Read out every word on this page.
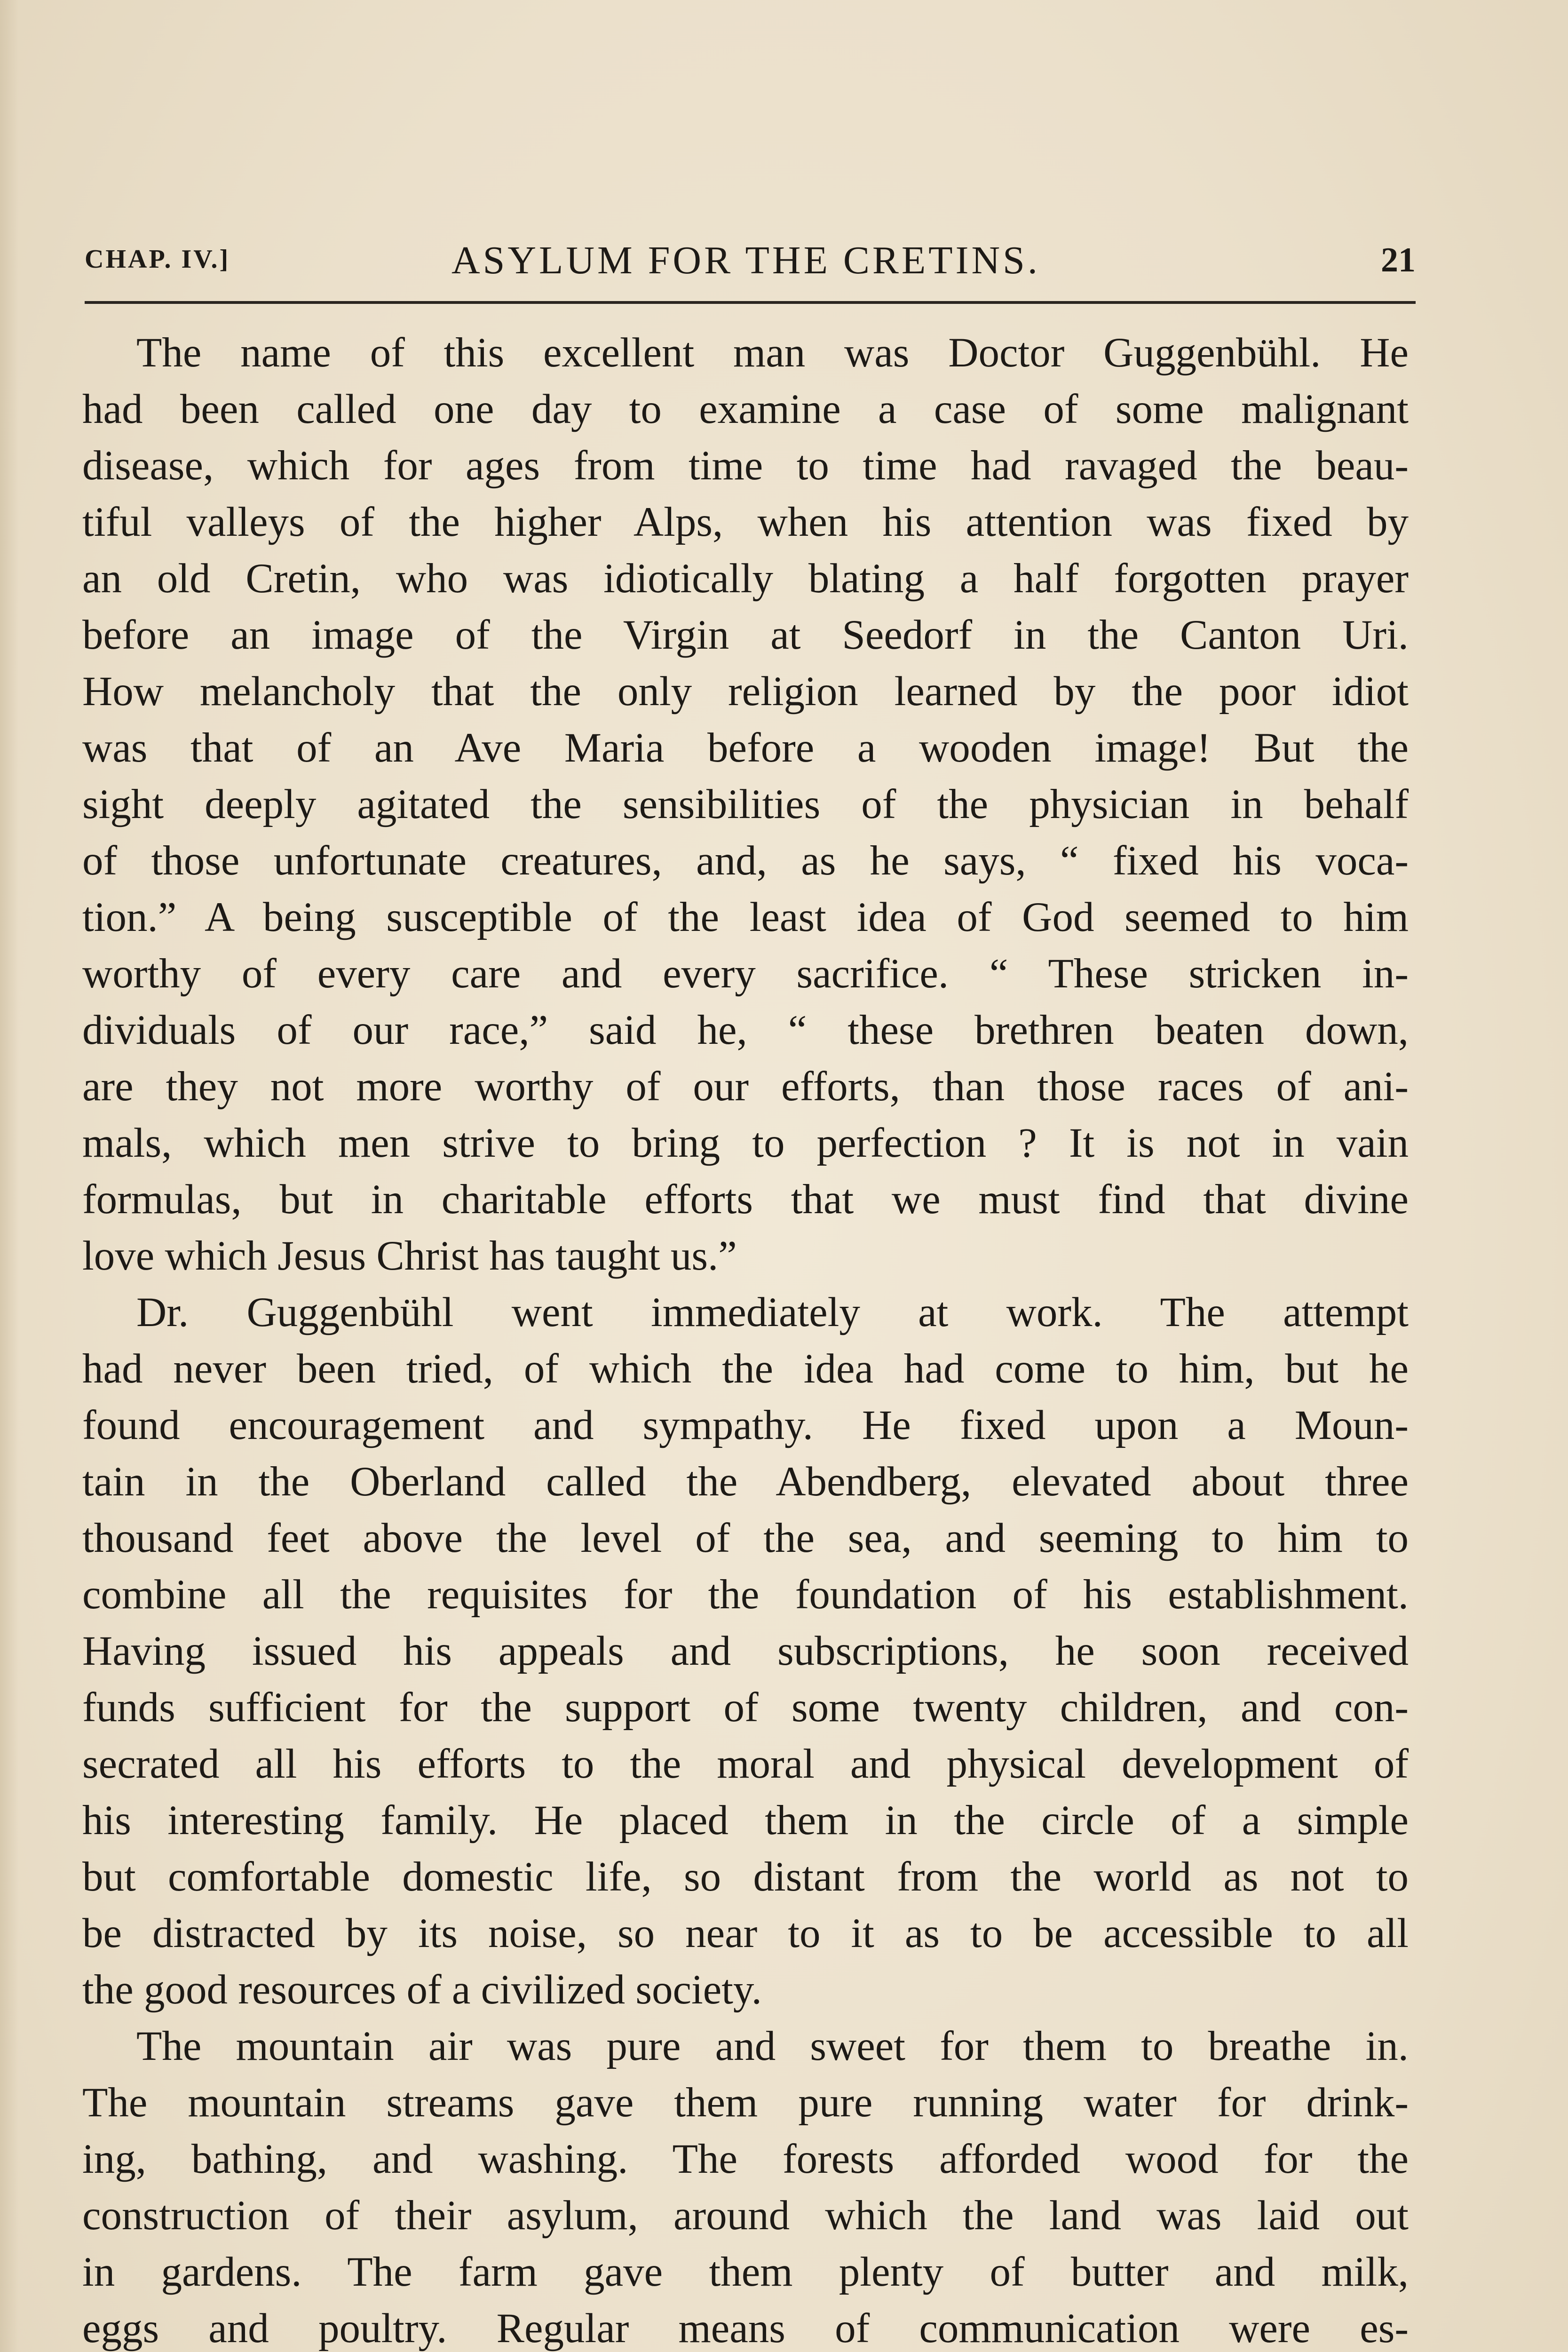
CHAP. IV.]	ASYLUM FOR THE CRETINS.	21
The name of this excellent man was Doctor Guggenbühl. He
had been called one day to examine a case of some malignant
disease, which for ages from time to time had ravaged the beau-
tiful valleys of the higher Alps, when his attention was fixed by
an old Cretin, who was idiotically blating a half forgotten prayer
before an image of the Virgin at Seedorf in the Canton Uri.
How melancholy that the only religion learned by the poor idiot
was that of an Ave Maria before a wooden image! But the
sight deeply agitated the sensibilities of the physician in behalf
of those unfortunate creatures, and, as he says, “ fixed his voca-
tion.” A being susceptible of the least idea of God seemed to him
worthy of every care and every sacrifice. “ These stricken in-
dividuals of our race,” said he, “ these brethren beaten down,
are they not more worthy of our efforts, than those races of ani-
mals, which men strive to bring to perfection ? It is not in vain
formulas, but in charitable efforts that we must find that divine
love which Jesus Christ has taught us.”
Dr. Guggenbühl went immediately at work. The attempt
had never been tried, of which the idea had come to him, but he
found encouragement and sympathy. He fixed upon a Moun-
tain in the Oberland called the Abendberg, elevated about three
thousand feet above the level of the sea, and seeming to him to
combine all the requisites for the foundation of his establishment.
Having issued his appeals and subscriptions, he soon received
funds sufficient for the support of some twenty children, and con-
secrated all his efforts to the moral and physical development of
his interesting family. He placed them in the circle of a simple
but comfortable domestic life, so distant from the world as not to
be distracted by its noise, so near to it as to be accessible to all
the good resources of a civilized society.
The mountain air was pure and sweet for them to breathe in.
The mountain streams gave them pure running water for drink-
ing, bathing, and washing. The forests afforded wood for the
construction of their asylum, around which the land was laid out
in gardens. The farm gave them plenty of butter and milk,
eggs and poultry. Regular means of communication were es-
